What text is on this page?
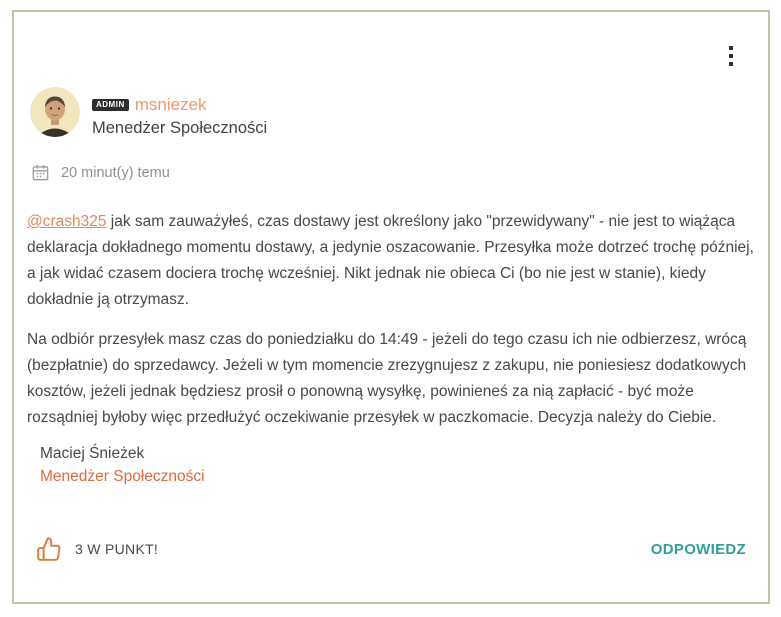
ADMIN msniezek
Menedżer Społeczności
20 minut(y) temu

@crash325 jak sam zauważyłeś, czas dostawy jest określony jako "przewidywany" - nie jest to wiążąca deklaracja dokładnego momentu dostawy, a jedynie oszacowanie. Przesyłka może dotrzeć trochę później, a jak widać czasem dociera trochę wcześniej. Nikt jednak nie obieca Ci (bo nie jest w stanie), kiedy dokładnie ją otrzymasz.

Na odbiór przesyłek masz czas do poniedziałku do 14:49 - jeżeli do tego czasu ich nie odbierzesz, wrócą (bezpłatnie) do sprzedawcy. Jeżeli w tym momencie zrezygnujesz z zakupu, nie poniesiesz dodatkowych kosztów, jeżeli jednak będziesz prosił o ponowną wysyłkę, powinieneś za nią zapłacić - być może rozsądniej byłoby więc przedłużyć oczekiwanie przesyłek w paczkomacie. Decyzja należy do Ciebie.

Maciej Śnieżek
Menedżer Społeczności
3 W PUNKT!	ODPOWIEDZ
